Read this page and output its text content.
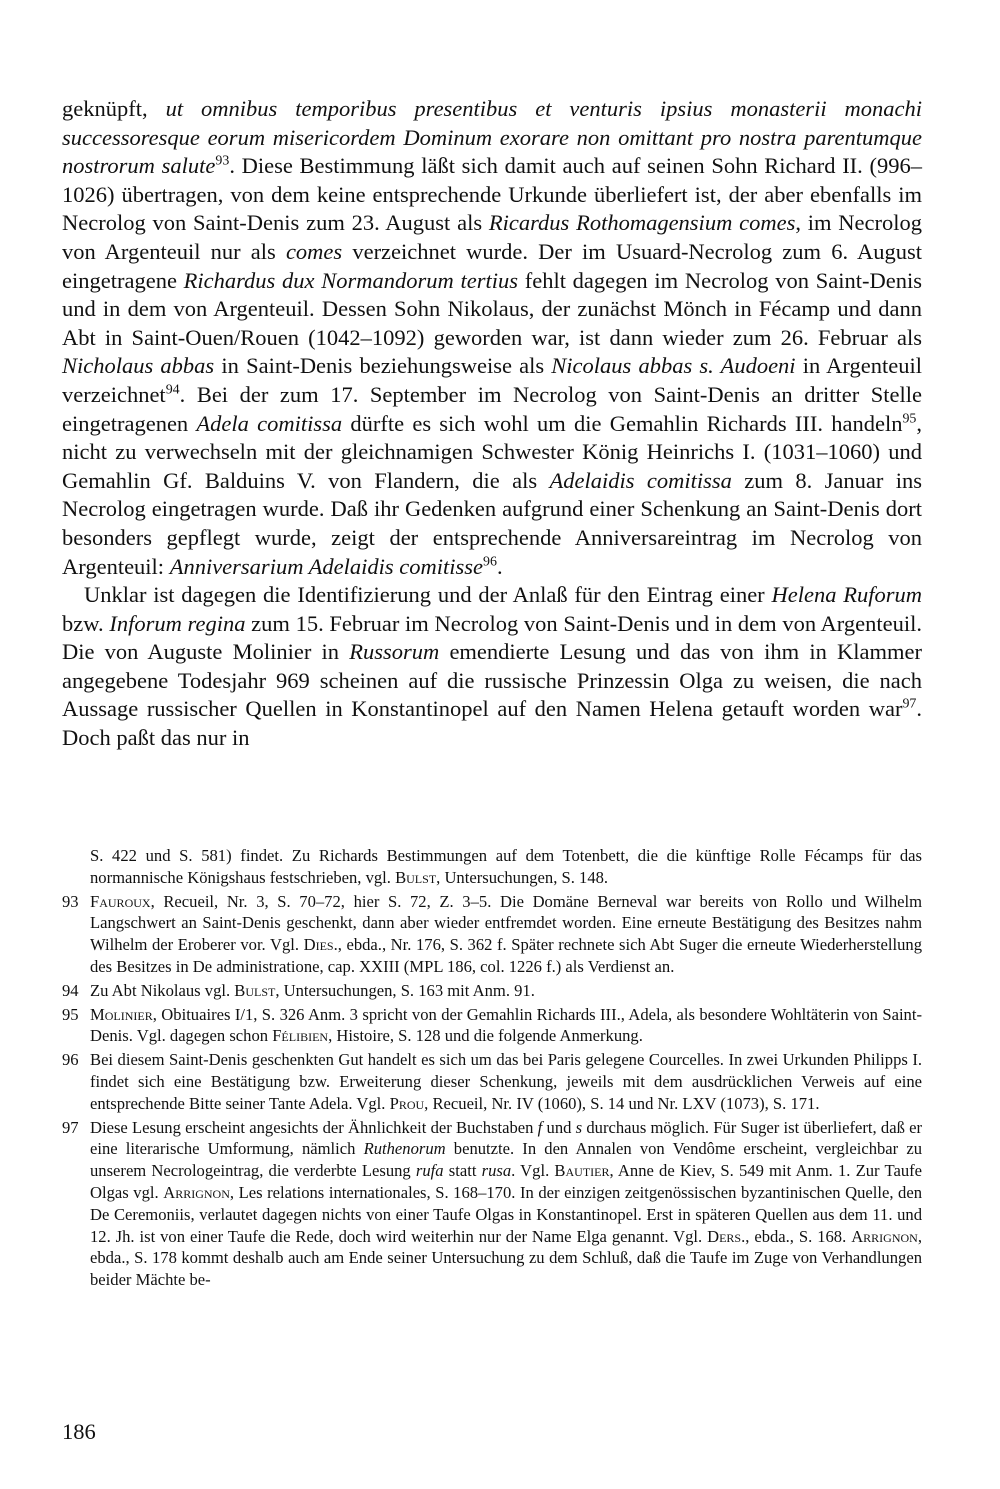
geknüpft, ut omnibus temporibus presentibus et venturis ipsius monasterii monachi successoresque eorum misericordem Dominum exorare non omittant pro nostra parentumque nostrorum salute$^{93}$. Diese Bestimmung läßt sich damit auch auf seinen Sohn Richard II. (996–1026) übertragen, von dem keine entsprechende Urkunde überliefert ist, der aber ebenfalls im Necrolog von Saint-Denis zum 23. August als Ricardus Rothomagensium comes, im Necrolog von Argenteuil nur als comes verzeichnet wurde. Der im Usuard-Necrolog zum 6. August eingetragene Richardus dux Normandorum tertius fehlt dagegen im Necrolog von Saint-Denis und in dem von Argenteuil. Dessen Sohn Nikolaus, der zunächst Mönch in Fécamp und dann Abt in Saint-Ouen/Rouen (1042–1092) geworden war, ist dann wieder zum 26. Februar als Nicholaus abbas in Saint-Denis beziehungsweise als Nicolaus abbas s. Audoeni in Argenteuil verzeichnet$^{94}$. Bei der zum 17. September im Necrolog von Saint-Denis an dritter Stelle eingetragenen Adela comitissa dürfte es sich wohl um die Gemahlin Richards III. handeln$^{95}$, nicht zu verwechseln mit der gleichnamigen Schwester König Heinrichs I. (1031–1060) und Gemahlin Gf. Balduins V. von Flandern, die als Adelaidis comitissa zum 8. Januar ins Necrolog eingetragen wurde. Daß ihr Gedenken aufgrund einer Schenkung an Saint-Denis dort besonders gepflegt wurde, zeigt der entsprechende Anniversareintrag im Necrolog von Argenteuil: Anniversarium Adelaidis comitisse$^{96}$.

Unklar ist dagegen die Identifizierung und der Anlaß für den Eintrag einer Helena Ruforum bzw. Inforum regina zum 15. Februar im Necrolog von Saint-Denis und in dem von Argenteuil. Die von Auguste Molinier in Russorum emendierte Lesung und das von ihm in Klammer angegebene Todesjahr 969 scheinen auf die russische Prinzessin Olga zu weisen, die nach Aussage russischer Quellen in Konstantinopel auf den Namen Helena getauft worden war$^{97}$. Doch paßt das nur in

S. 422 und S. 581) findet. Zu Richards Bestimmungen auf dem Totenbett, die die künftige Rolle Fécamps für das normannische Königshaus festschrieben, vgl. Bulst, Untersuchungen, S. 148.
93 Fauroux, Recueil, Nr. 3, S. 70–72, hier S. 72, Z. 3–5. Die Domäne Berneval war bereits von Rollo und Wilhelm Langschwert an Saint-Denis geschenkt, dann aber wieder entfremdet worden. Eine erneute Bestätigung des Besitzes nahm Wilhelm der Eroberer vor. Vgl. Dies., ebda., Nr. 176, S. 362 f. Später rechnete sich Abt Suger die erneute Wiederherstellung des Besitzes in De administratione, cap. XXIII (MPL 186, col. 1226 f.) als Verdienst an.
94 Zu Abt Nikolaus vgl. Bulst, Untersuchungen, S. 163 mit Anm. 91.
95 Molinier, Obituaires I/1, S. 326 Anm. 3 spricht von der Gemahlin Richards III., Adela, als besondere Wohltäterin von Saint-Denis. Vgl. dagegen schon Félibien, Histoire, S. 128 und die folgende Anmerkung.
96 Bei diesem Saint-Denis geschenkten Gut handelt es sich um das bei Paris gelegene Courcelles. In zwei Urkunden Philipps I. findet sich eine Bestätigung bzw. Erweiterung dieser Schenkung, jeweils mit dem ausdrücklichen Verweis auf eine entsprechende Bitte seiner Tante Adela. Vgl. Prou, Recueil, Nr. IV (1060), S. 14 und Nr. LXV (1073), S. 171.
97 Diese Lesung erscheint angesichts der Ähnlichkeit der Buchstaben f und s durchaus möglich. Für Suger ist überliefert, daß er eine literarische Umformung, nämlich Ruthenorum benutzte. In den Annalen von Vendôme erscheint, vergleichbar zu unserem Necrologeintrag, die verderbte Lesung rufa statt rusa. Vgl. Bautier, Anne de Kiev, S. 549 mit Anm. 1. Zur Taufe Olgas vgl. Arrignon, Les relations internationales, S. 168–170. In der einzigen zeitgenössischen byzantinischen Quelle, den De Ceremoniis, verlautet dagegen nichts von einer Taufe Olgas in Konstantinopel. Erst in späteren Quellen aus dem 11. und 12. Jh. ist von einer Taufe die Rede, doch wird weiterhin nur der Name Elga genannt. Vgl. Ders., ebda., S. 168. Arrignon, ebda., S. 178 kommt deshalb auch am Ende seiner Untersuchung zu dem Schluß, daß die Taufe im Zuge von Verhandlungen beider Mächte be-
186
